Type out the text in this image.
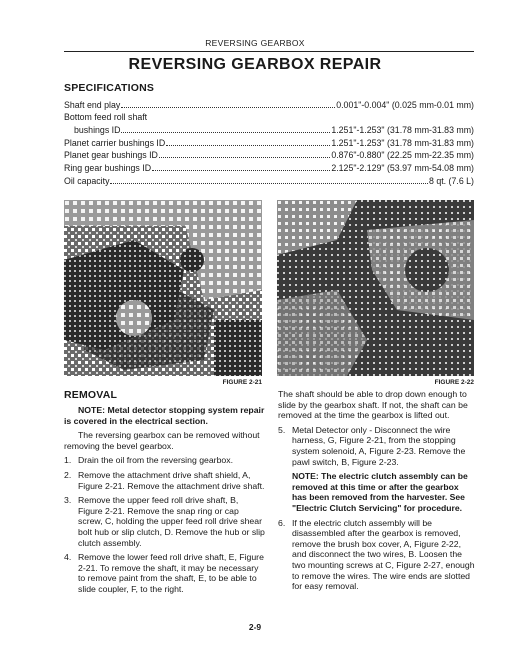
REVERSING GEARBOX
REVERSING GEARBOX REPAIR
SPECIFICATIONS
Shaft end play	0.001"-0.004" (0.025 mm-0.01 mm)
Bottom feed roll shaft
bushings ID	1.251"-1.253" (31.78 mm-31.83 mm)
Planet carrier bushings ID	1.251"-1.253" (31.78 mm-31.83 mm)
Planet gear bushings ID	0.876"-0.880" (22.25 mm-22.35 mm)
Ring gear bushings ID	2.125"-2.129" (53.97 mm-54.08 mm)
Oil capacity	8 qt. (7.6 L)
FIGURE 2-21	FIGURE 2-22
REMOVAL

NOTE: Metal detector stopping system repair is covered in the electrical section.

The reversing gearbox can be removed without removing the bevel gearbox.

1. Drain the oil from the reversing gearbox.
2. Remove the attachment drive shaft shield, A, Figure 2-21. Remove the attachment drive shaft.
3. Remove the upper feed roll drive shaft, B, Figure 2-21. Remove the snap ring or cap screw, C, holding the upper feed roll drive shear bolt hub or slip clutch, D. Remove the hub or slip clutch assembly.
4. Remove the lower feed roll drive shaft, E, Figure 2-21. To remove the shaft, it may be necessary to remove paint from the shaft, E, to be able to slide coupler, F, to the right.

The shaft should be able to drop down enough to slide by the gearbox shaft. If not, the shaft can be removed at the time the gearbox is lifted out.

5. Metal Detector only - Disconnect the wire harness, G, Figure 2-21, from the stopping system solenoid, A, Figure 2-23. Remove the pawl switch, B, Figure 2-23.
NOTE: The electric clutch assembly can be removed at this time or after the gearbox has been removed from the harvester. See "Electric Clutch Servicing" for procedure.
6. If the electric clutch assembly will be disassembled after the gearbox is removed, remove the brush box cover, A, Figure 2-22, and disconnect the two wires, B. Loosen the two mounting screws at C, Figure 2-27, enough to remove the wires. The wire ends are slotted for easy removal.
2-9
